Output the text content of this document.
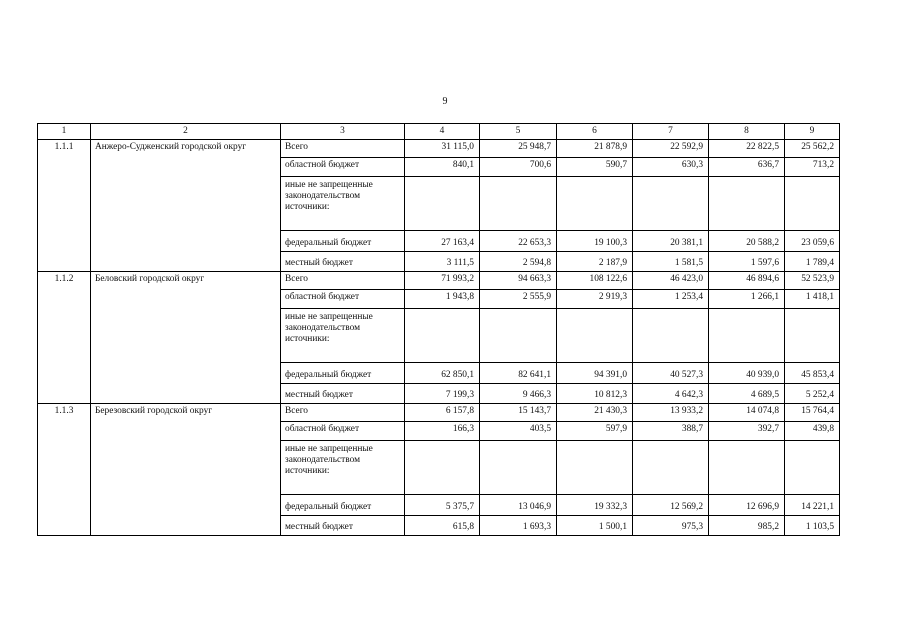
9
1	2	3	4	5	6	7	8	9
1.1.1	Анжеро-Судженский городской округ	Всего	31 115,0	25 948,7	21 878,9	22 592,9	22 822,5	25 562,2
		областной бюджет	840,1	700,6	590,7	630,3	636,7	713,2
		иные не запрещенные законодательством источники:						
		федеральный бюджет	27 163,4	22 653,3	19 100,3	20 381,1	20 588,2	23 059,6
		местный бюджет	3 111,5	2 594,8	2 187,9	1 581,5	1 597,6	1 789,4
1.1.2	Беловский городской округ	Всего	71 993,2	94 663,3	108 122,6	46 423,0	46 894,6	52 523,9
		областной бюджет	1 943,8	2 555,9	2 919,3	1 253,4	1 266,1	1 418,1
		иные не запрещенные законодательством источники:						
		федеральный бюджет	62 850,1	82 641,1	94 391,0	40 527,3	40 939,0	45 853,4
		местный бюджет	7 199,3	9 466,3	10 812,3	4 642,3	4 689,5	5 252,4
1.1.3	Березовский городской округ	Всего	6 157,8	15 143,7	21 430,3	13 933,2	14 074,8	15 764,4
		областной бюджет	166,3	403,5	597,9	388,7	392,7	439,8
		иные не запрещенные законодательством источники:						
		федеральный бюджет	5 375,7	13 046,9	19 332,3	12 569,2	12 696,9	14 221,1
		местный бюджет	615,8	1 693,3	1 500,1	975,3	985,2	1 103,5
